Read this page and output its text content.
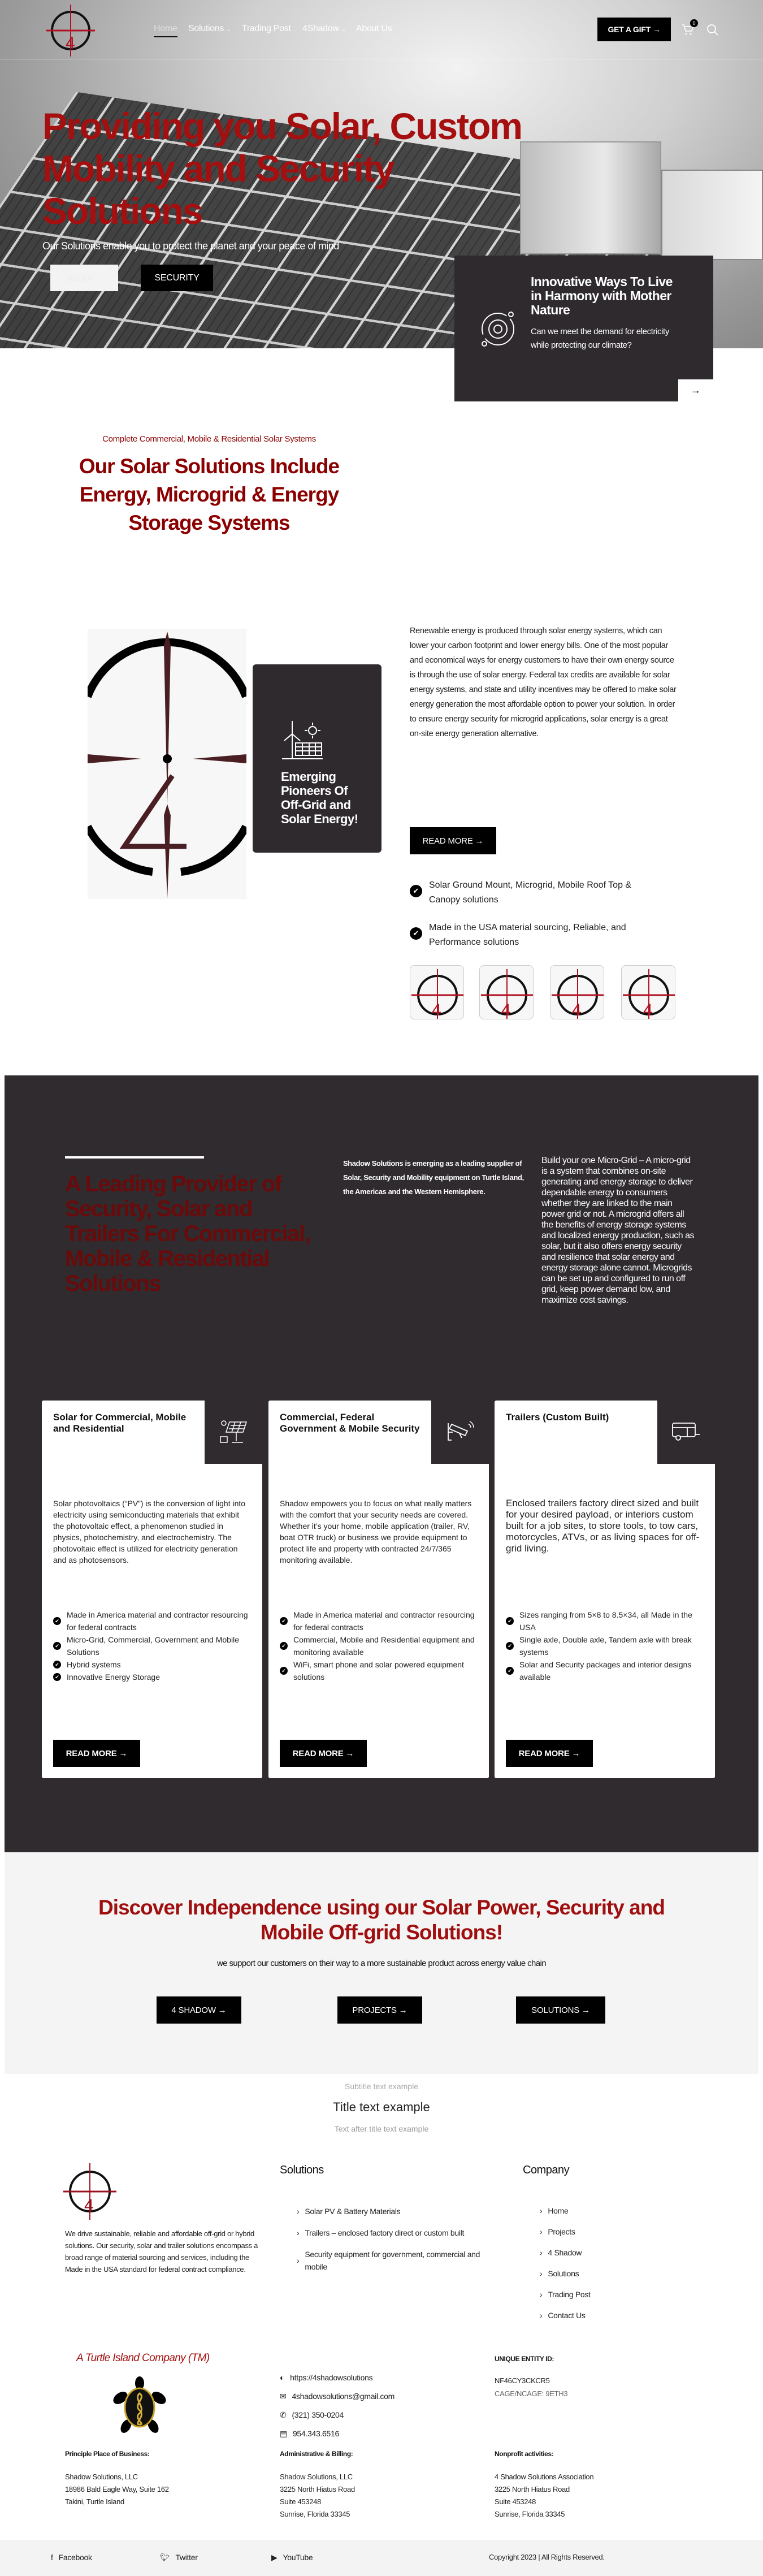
4
Home Solutions ⌄ Trading Post 4Shadow ⌄ About Us	GET A GIFT →
0
Providing you Solar, Custom Mobility and Security Solutions

Our Solutions enable you to protect the planet and your peace of mind

SOLAR →	SECURITY	Innovative Ways To Live in Harmony with Mother Nature

Can we meet the demand for electricity while protecting our climate?

→

Complete Commercial, Mobile & Residential Solar Systems

Our Solar Solutions Include Energy, Microgrid & Energy Storage Systems
Emerging Pioneers Of Off-Grid and Solar Energy!

Renewable energy is produced through solar energy systems, which can lower your carbon footprint and lower energy bills. One of the most popular and economical ways for energy customers to have their own energy source is through the use of solar energy. Federal tax credits are available for solar energy systems, and state and utility incentives may be offered to make solar energy generation the most affordable option to power your solution. In order to ensure energy security for microgrid applications, solar energy is a great on-site energy generation alternative.

READ MORE →
✔
Solar Ground Mount, Microgrid, Mobile Roof Top & Canopy solutions
✔
Made in the USA material sourcing, Reliable, and Performance solutions
4	4	4	4
A Leading Provider of Security, Solar and Trailers For Commercial, Mobile & Residential Solutions

Shadow Solutions is emerging as a leading supplier of Solar, Security and Mobility equipment on Turtle Island, the Americas and the Western Hemisphere.

Build your one Micro-Grid – A micro-grid is a system that combines on-site generating and energy storage to deliver dependable energy to consumers whether they are linked to the main power grid or not. A microgrid offers all the benefits of energy storage systems and localized energy production, such as solar, but it also offers energy security and resilience that solar energy and energy storage alone cannot. Microgrids can be set up and configured to run off grid, keep power demand low, and maximize cost savings.

Solar for Commercial, Mobile and Residential

Solar photovoltaics (“PV”) is the conversion of light into electricity using semiconducting materials that exhibit the photovoltaic effect, a phenomenon studied in physics, photochemistry, and electrochemistry. The photovoltaic effect is utilized for electricity generation and as photosensors.

✔
Made in America material and contractor resourcing for federal contracts
✔
Micro-Grid, Commercial, Government and Mobile Solutions
✔ Hybrid systems
✔ Innovative Energy Storage
READ MORE →
Commercial, Federal Government & Mobile Security

Shadow empowers you to focus on what really matters with the comfort that your security needs are covered. Whether it’s your home, mobile application (trailer, RV, boat OTR truck) or business we provide equipment to protect life and property with contracted 24/7/365 monitoring available.

✔
Made in America material and contractor resourcing for federal contracts
✔
Commercial, Mobile and Residential equipment and monitoring available
✔
WiFi, smart phone and solar powered equipment solutions
READ MORE →
Trailers (Custom Built)

Enclosed trailers factory direct sized and built for your desired payload, or interiors custom built for a job sites, to store tools, to tow cars, motorcycles, ATVs, or as living spaces for off-grid living.

✔
Sizes ranging from 5×8 to 8.5×34, all Made in the USA
✔
Single axle, Double axle, Tandem axle with break systems
✔
Solar and Security packages and interior designs available
READ MORE →
Discover Independence using our Solar Power, Security and Mobile Off-grid Solutions!

we support our customers on their way to a more sustainable product across energy value chain

4 SHADOW →	PROJECTS →	SOLUTIONS →

Subtitle text example

Title text example

Text after title text example

4

We drive sustainable, reliable and affordable off-grid or hybrid solutions. Our security, solar and trailer solutions encompass a broad range of material sourcing and services, including the Made in the USA standard for federal contract compliance.

Solutions
› Solar PV & Battery Materials
› Trailers – enclosed factory direct or custom built
›
Security equipment for government, commercial and mobile
Company
› Home
› Projects
› 4 Shadow
› Solutions
› Trading Post
› Contact Us
A Turtle Island Company (TM)
◐ https://4shadowsolutions
✉ 4shadowsolutions@gmail.com
✆ (321) 350-0204
▤ 954.343.6516

UNIQUE ENTITY ID:

NF46CY3CKCR5

CAGE/NCAGE: 9ETH3

Principle Place of Business:

Shadow Solutions, LLC

18986 Bald Eagle Way, Suite 162

Takini, Turtle Island

Administrative & Billing:

Shadow Solutions, LLC

3225 North Hiatus Road

Suite 453248

Sunrise, Florida 33345

Nonprofit activities:

4 Shadow Solutions Association

3225 North Hiatus Road

Suite 453248

Sunrise, Florida 33345

f Facebook	🐦︎ Twitter	▶ YouTube	Copyright 2023 | All Rights Reserved.
